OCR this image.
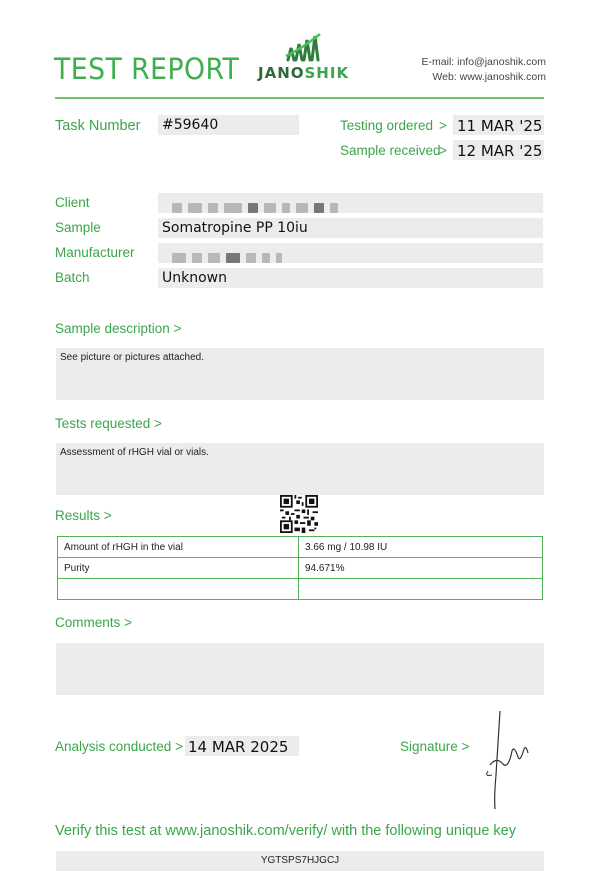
TEST REPORT JANOSHIK
E-mail: info@janoshik.com
Web: www.janoshik.com
Task Number #59640	Testing ordered > 11 MAR '25
Sample received
> 12 MAR '25
Client
Sample	Somatropine PP 10iu
Manufacturer
Batch	Unknown
Sample description >
See picture or pictures attached.
Tests requested >
Assessment of rHGH vial or vials.
Results >
Amount of rHGH in the vial	3.66 mg / 10.98 IU
Purity	94.671%

Comments >
Analysis conducted > 14 MAR 2025	Signature >
Verify this test at www.janoshik.com/verify/ with the following unique key
YGTSPS7HJGCJ
